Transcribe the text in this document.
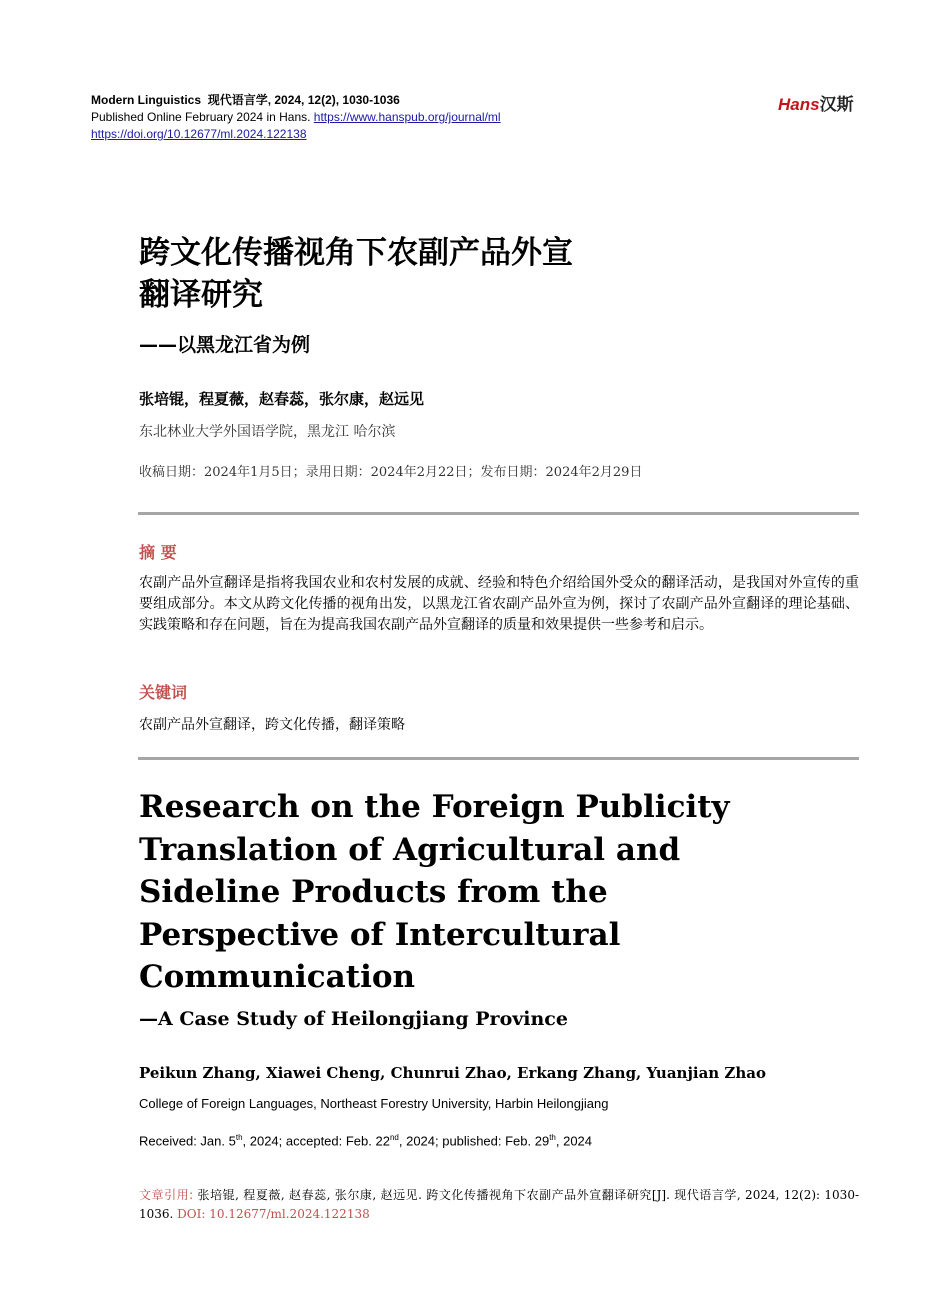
Modern Linguistics 现代语言学, 2024, 12(2), 1030-1036
Published Online February 2024 in Hans. https://www.hanspub.org/journal/ml
https://doi.org/10.12677/ml.2024.122138
Hans汉斯
跨文化传播视角下农副产品外宣
翻译研究
——以黑龙江省为例
张培锟，程夏薇，赵春蕊，张尔康，赵远见
东北林业大学外国语学院，黑龙江 哈尔滨
收稿日期：2024年1月5日；录用日期：2024年2月22日；发布日期：2024年2月29日
摘 要
农副产品外宣翻译是指将我国农业和农村发展的成就、经验和特色介绍给国外受众的翻译活动，是我国对外宣传的重要组成部分。本文从跨文化传播的视角出发，以黑龙江省农副产品外宣为例，探讨了农副产品外宣翻译的理论基础、实践策略和存在问题，旨在为提高我国农副产品外宣翻译的质量和效果提供一些参考和启示。
关键词
农副产品外宣翻译，跨文化传播，翻译策略
Research on the Foreign Publicity
Translation of Agricultural and
Sideline Products from the
Perspective of Intercultural
Communication
—A Case Study of Heilongjiang Province
Peikun Zhang, Xiawei Cheng, Chunrui Zhao, Erkang Zhang, Yuanjian Zhao
College of Foreign Languages, Northeast Forestry University, Harbin Heilongjiang
Received: Jan. 5th, 2024; accepted: Feb. 22nd, 2024; published: Feb. 29th, 2024
文章引用: 张培锟, 程夏薇, 赵春蕊, 张尔康, 赵远见. 跨文化传播视角下农副产品外宣翻译研究[J]. 现代语言学, 2024, 12(2): 1030-1036. DOI: 10.12677/ml.2024.122138
